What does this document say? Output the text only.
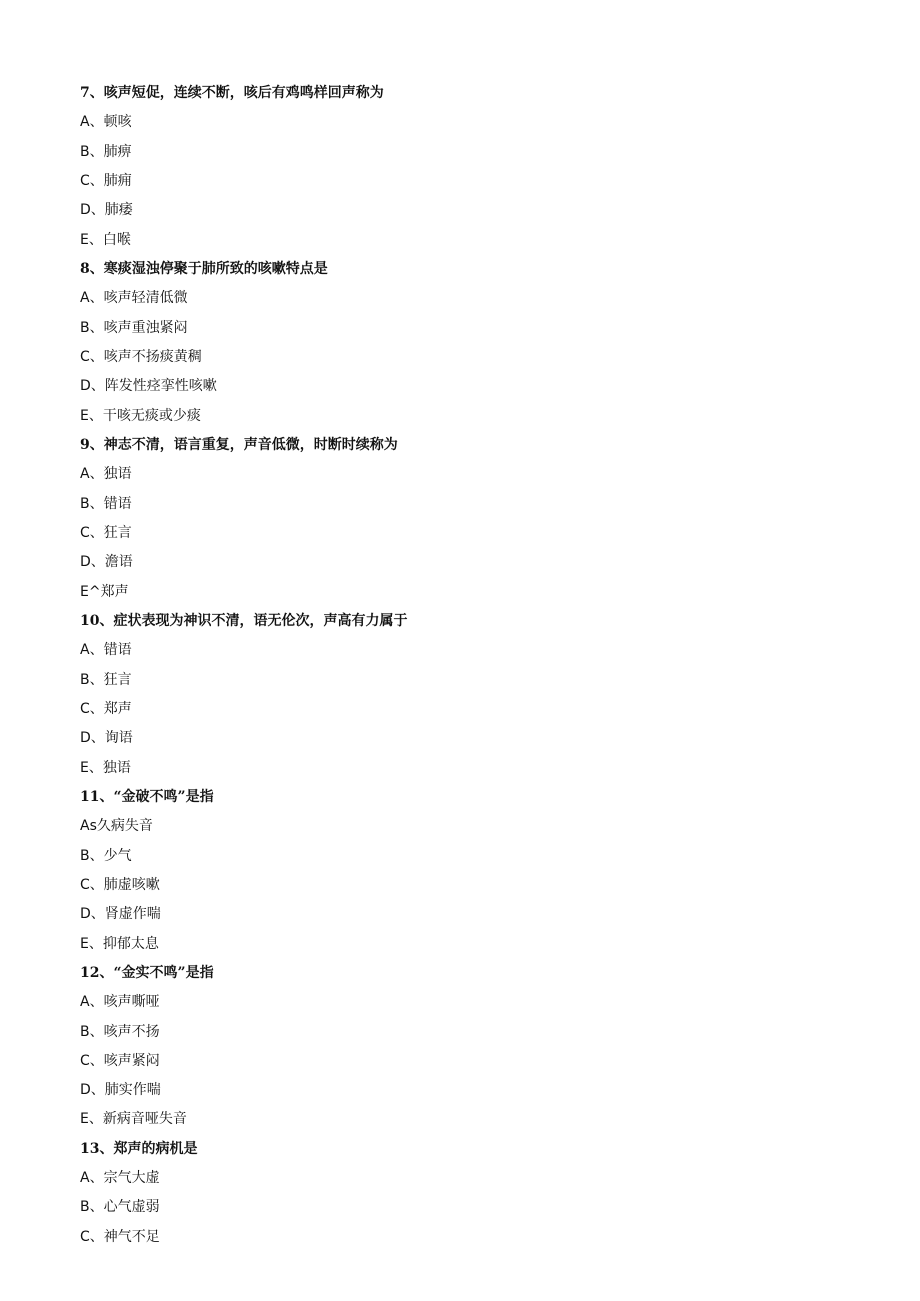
7、咳声短促，连续不断，咳后有鸡鸣样回声称为
A、顿咳
B、肺痹
C、肺痈
D、肺痿
E、白喉
8、寒痰湿浊停聚于肺所致的咳嗽特点是
A、咳声轻清低微
B、咳声重浊紧闷
C、咳声不扬痰黄稠
D、阵发性痉挛性咳嗽
E、干咳无痰或少痰
9、神志不清，语言重复，声音低微，时断时续称为
A、独语
B、错语
C、狂言
D、澹语
E^郑声
10、症状表现为神识不清，语无伦次，声高有力属于
A、错语
B、狂言
C、郑声
D、询语
E、独语
11、“金破不鸣”是指
As久病失音
B、少气
C、肺虚咳嗽
D、肾虚作喘
E、抑郁太息
12、“金实不鸣”是指
A、咳声嘶哑
B、咳声不扬
C、咳声紧闷
D、肺实作喘
E、新病音哑失音
13、郑声的病机是
A、宗气大虚
B、心气虚弱
C、神气不足
